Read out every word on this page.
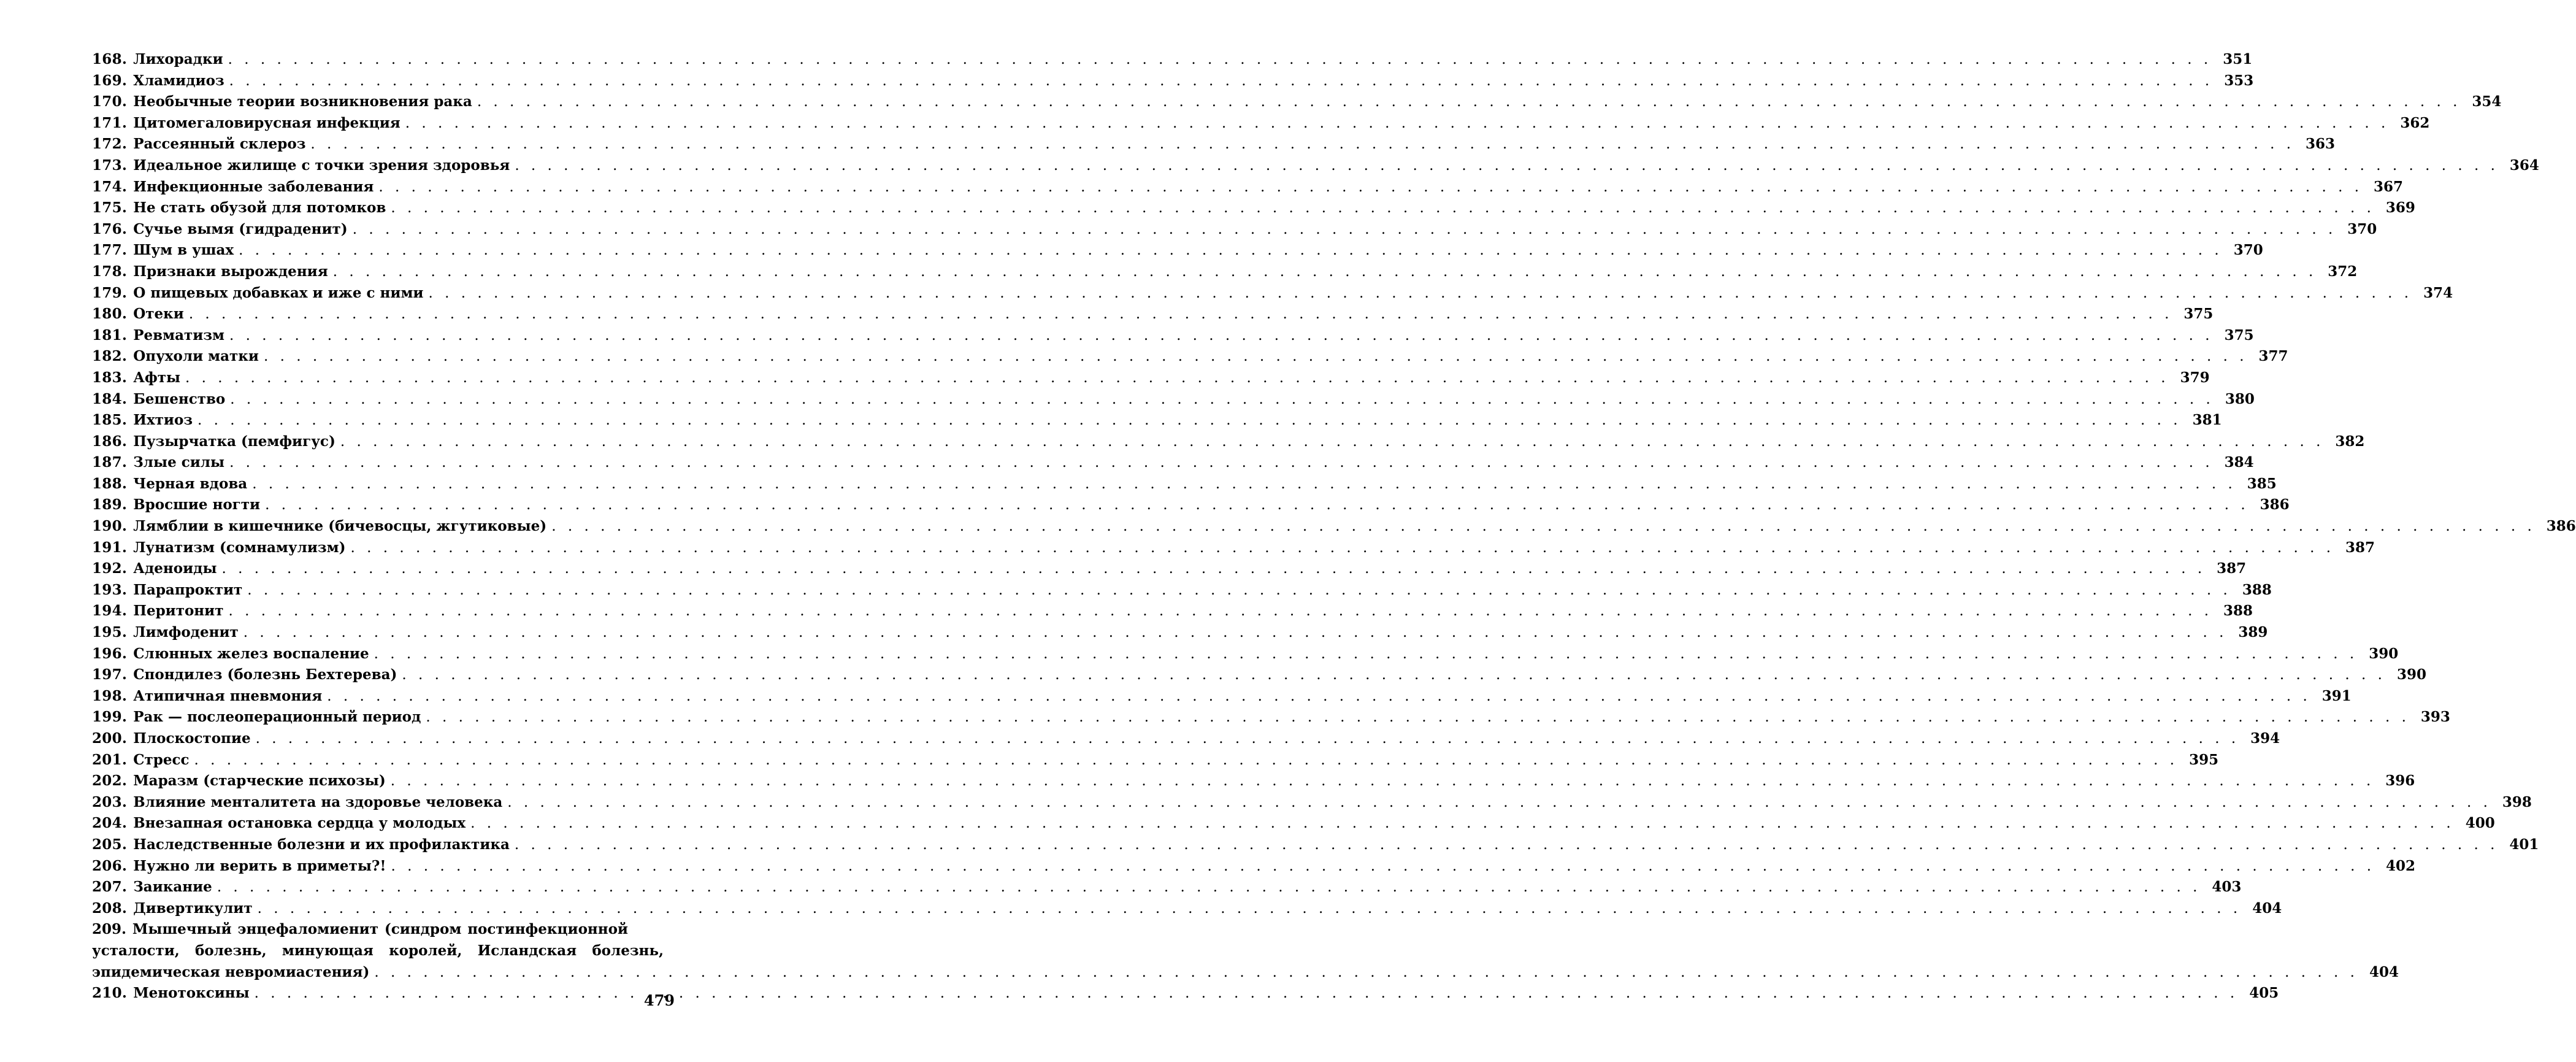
168. Лихорадки . . .	351
169. Хламидиоз . . .	353
170. Необычные теории возникновения рака . . .	354
171. Цитомегаловирусная инфекция . . .	362
172. Рассеянный склероз . . .	363
173. Идеальное жилище с точки зрения здоровья . . .	364
174. Инфекционные заболевания . . .	367
175. Не стать обузой для потомков . . .	369
176. Сучье вымя (гидраденит) . . .	370
177. Шум в ушах . . .	370
178. Признаки вырождения . . .	372
179. О пищевых добавках и иже с ними . . .	374
180. Отеки . . .	375
181. Ревматизм . . .	375
182. Опухоли матки . . .	377
183. Афты . . .	379
184. Бешенство . . .	380
185. Ихтиоз . . .	381
186. Пузырчатка (пемфигус) . . .	382
187. Злые силы . . .	384
188. Черная вдова . . .	385
189. Вросшие ногти . . .	386
190. Лямблии в кишечнике (бичевосцы, жгутиковые) . . .	386
191. Лунатизм (сомнамулизм) . . .	387
192. Аденоиды . . .	387
193. Парапроктит . . .	388
194. Перитонит . . .	388
195. Лимфоденит . . .	389
196. Слюнных желез воспаление . . .	390
197. Спондилез (болезнь Бехтерева) . . .	390
198. Атипичная пневмония . . .	391
199. Рак — послеоперационный период . . .	393
200. Плоскостопие . . .	394
201. Стресс . . .	395
202. Маразм (старческие психозы) . . .	396
203. Влияние менталитета на здоровье человека . . .	398
204. Внезапная остановка сердца у молодых . . .	400
205. Наследственные болезни и их профилактика . . .	401
206. Нужно ли верить в приметы?! . . .	402
207. Заикание . . .	403
208. Дивертикулит . . .	404
209. Мышечный энцефаломиенит (синдром постинфекционной
усталости, болезнь, минующая королей, Исландская болезнь,
эпидемическая невромиастения) . . .	404
210. Менотоксины . . .	405
479
